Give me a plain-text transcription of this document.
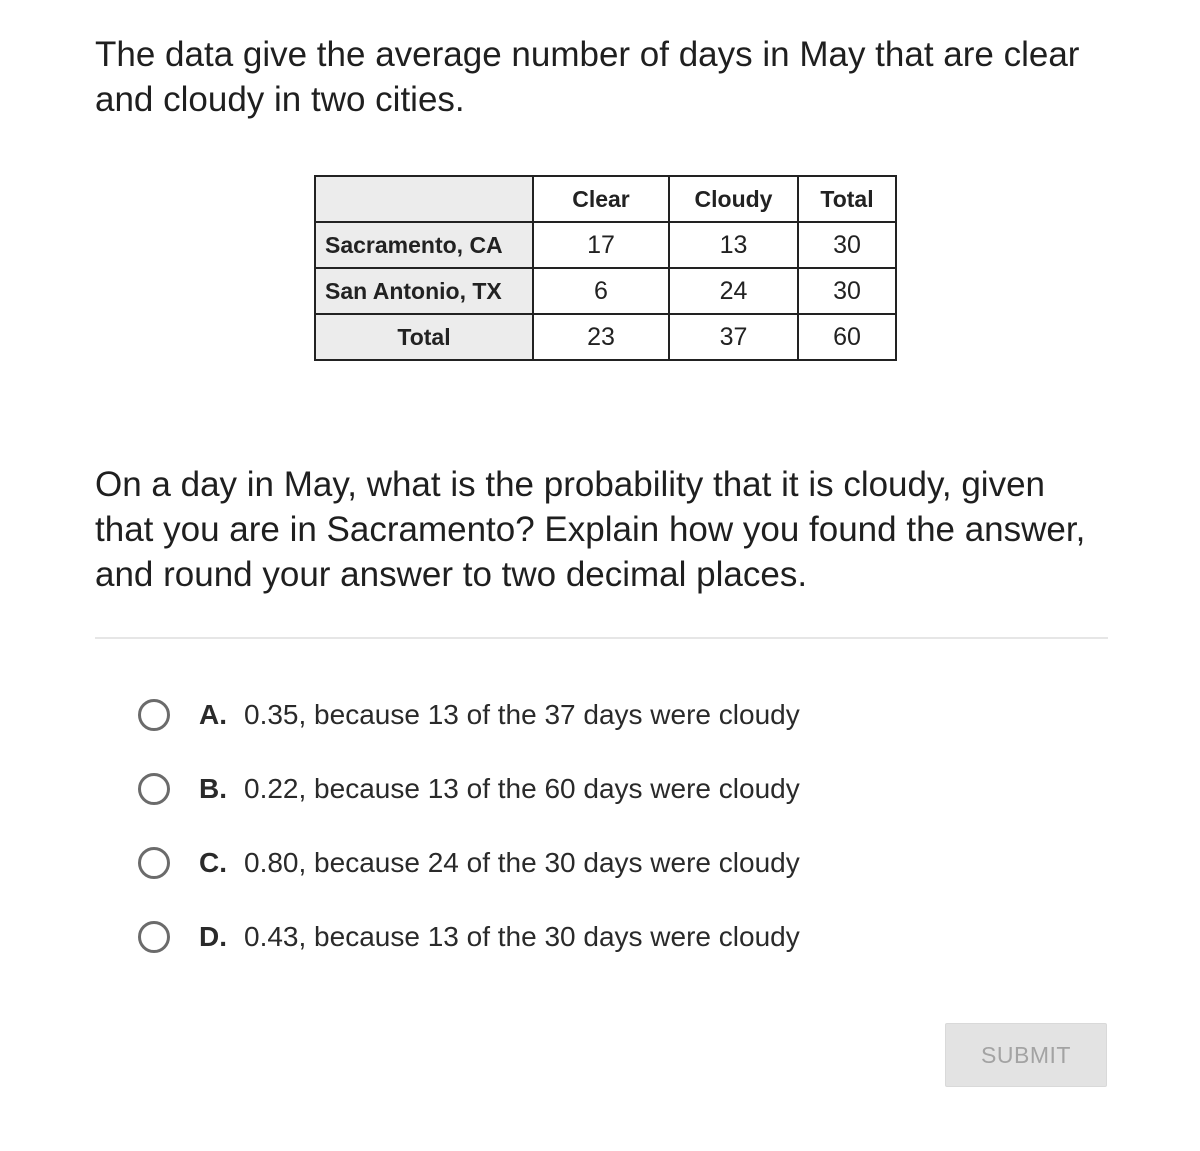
The data give the average number of days in May that are clear and cloudy in two cities.

	Clear	Cloudy	Total
Sacramento, CA	17	13	30
San Antonio, TX	6	24	30
Total	23	37	60

On a day in May, what is the probability that it is cloudy, given that you are in Sacramento? Explain how you found the answer, and round your answer to two decimal places.

A. 0.35, because 13 of the 37 days were cloudy
B. 0.22, because 13 of the 60 days were cloudy
C. 0.80, because 24 of the 30 days were cloudy
D. 0.43, because 13 of the 30 days were cloudy
SUBMIT
